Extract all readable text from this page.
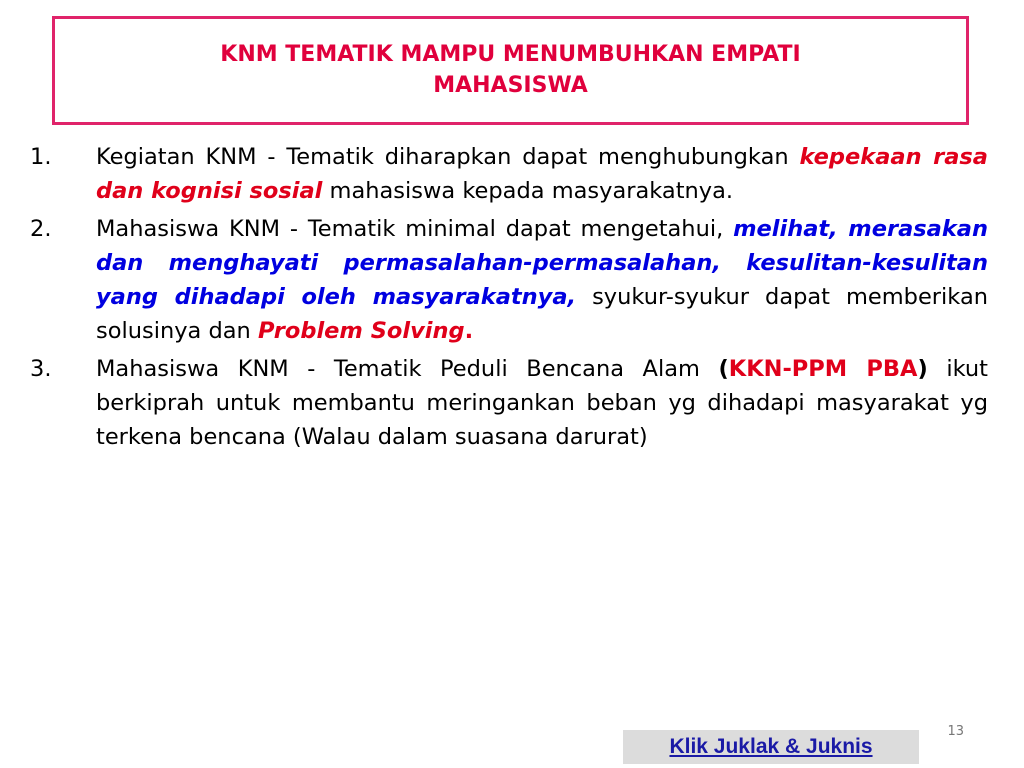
KNM TEMATIK MAMPU MENUMBUHKAN EMPATI
MAHASISWA
1.	Kegiatan KNM - Tematik diharapkan dapat menghubungkan kepekaan rasa dan kognisi sosial mahasiswa kepada masyarakatnya.
2.	Mahasiswa KNM - Tematik minimal dapat mengetahui, melihat, merasakan dan menghayati permasalahan-permasalahan, kesulitan-kesulitan yang dihadapi oleh masyarakatnya, syukur-syukur dapat memberikan solusinya dan Problem Solving.
3.	Mahasiswa KNM - Tematik Peduli Bencana Alam (KKN-PPM PBA) ikut berkiprah untuk membantu meringankan beban yg dihadapi masyarakat yg terkena bencana (Walau dalam suasana darurat)
13
Klik Juklak & Juknis
